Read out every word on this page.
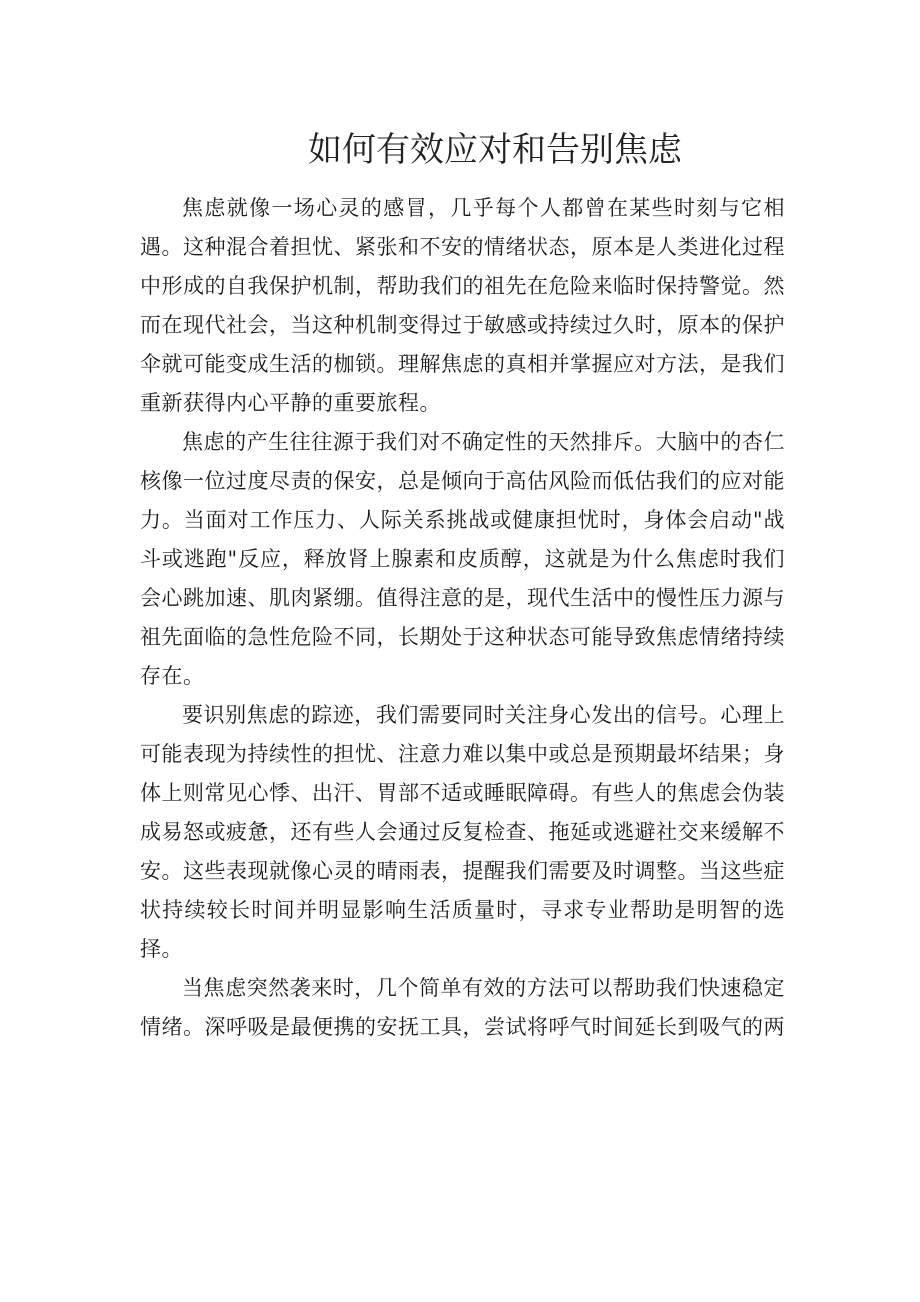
如何有效应对和告别焦虑

焦虑就像一场心灵的感冒，几乎每个人都曾在某些时刻与它相遇。这种混合着担忧、紧张和不安的情绪状态，原本是人类进化过程中形成的自我保护机制，帮助我们的祖先在危险来临时保持警觉。然而在现代社会，当这种机制变得过于敏感或持续过久时，原本的保护伞就可能变成生活的枷锁。理解焦虑的真相并掌握应对方法，是我们重新获得内心平静的重要旅程。

焦虑的产生往往源于我们对不确定性的天然排斥。大脑中的杏仁核像一位过度尽责的保安，总是倾向于高估风险而低估我们的应对能力。当面对工作压力、人际关系挑战或健康担忧时，身体会启动"战斗或逃跑"反应，释放肾上腺素和皮质醇，这就是为什么焦虑时我们会心跳加速、肌肉紧绷。值得注意的是，现代生活中的慢性压力源与祖先面临的急性危险不同，长期处于这种状态可能导致焦虑情绪持续存在。

要识别焦虑的踪迹，我们需要同时关注身心发出的信号。心理上可能表现为持续性的担忧、注意力难以集中或总是预期最坏结果；身体上则常见心悸、出汗、胃部不适或睡眠障碍。有些人的焦虑会伪装成易怒或疲惫，还有些人会通过反复检查、拖延或逃避社交来缓解不安。这些表现就像心灵的晴雨表，提醒我们需要及时调整。当这些症状持续较长时间并明显影响生活质量时，寻求专业帮助是明智的选择。

当焦虑突然袭来时，几个简单有效的方法可以帮助我们快速稳定情绪。深呼吸是最便携的安抚工具，尝试将呼气时间延长到吸气的两
